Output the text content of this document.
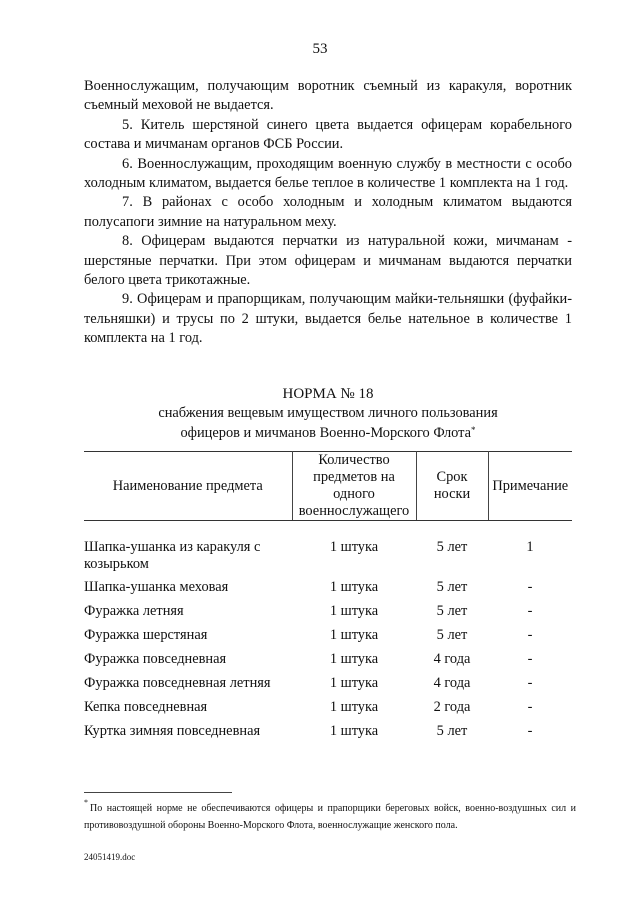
53

Военнослужащим, получающим воротник съемный из каракуля, воротник съемный меховой не выдается.

5. Китель шерстяной синего цвета выдается офицерам корабельного состава и мичманам органов ФСБ России.

6. Военнослужащим, проходящим военную службу в местности с особо холодным климатом, выдается белье теплое в количестве 1 комплекта на 1 год.

7. В районах с особо холодным и холодным климатом выдаются полусапоги зимние на натуральном меху.

8. Офицерам выдаются перчатки из натуральной кожи, мичманам - шерстяные перчатки. При этом офицерам и мичманам выдаются перчатки белого цвета трикотажные.

9. Офицерам и прапорщикам, получающим майки-тельняшки (фуфайки-тельняшки) и трусы по 2 штуки, выдается белье нательное в количестве 1 комплекта на 1 год.

НОРМА № 18
снабжения вещевым имуществом личного пользования
офицеров и мичманов Военно-Морского Флота*
Наименование предмета	Количество предметов на одного военнослужащего	Срок носки	Примечание
Шапка-ушанка из каракуля с козырьком	1 штука	5 лет	1
Шапка-ушанка меховая	1 штука	5 лет	-
Фуражка летняя	1 штука	5 лет	-
Фуражка шерстяная	1 штука	5 лет	-
Фуражка повседневная	1 штука	4 года	-
Фуражка повседневная летняя	1 штука	4 года	-
Кепка повседневная	1 штука	2 года	-
Куртка зимняя повседневная	1 штука	5 лет	-
*
По настоящей норме не обеспечиваются офицеры и прапорщики береговых войск, военно-воздушных сил и противовоздушной обороны Военно-Морского Флота, военнослужащие женского пола.
24051419.doc
